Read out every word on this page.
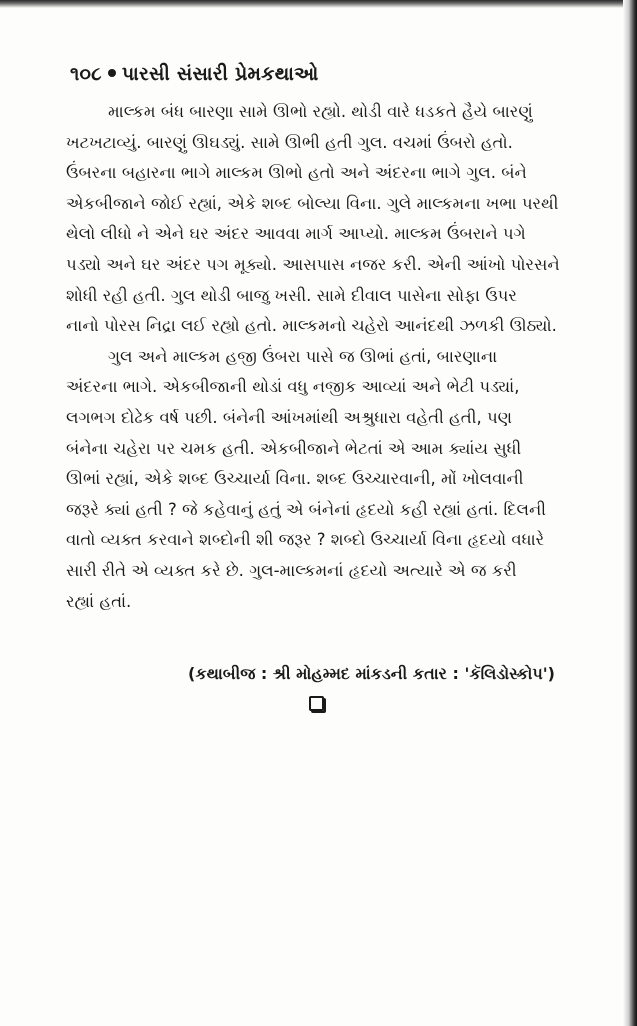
૧૦૮ પારસી સંસારી પ્રેમકથાઓ
માલ્કમ બંધ બારણા સામે ઊભો રહ્યો. થોડી વારે ધડકતે હૈયે બારણું
ખટખટાવ્યું. બારણું ઊઘડ્યું. સામે ઊભી હતી ગુલ. વચમાં ઉંબરો હતો.
ઉંબરના બહારના ભાગે માલ્કમ ઊભો હતો અને અંદરના ભાગે ગુલ. બંને
એકબીજાને જોઈ રહ્યાં, એકે શબ્દ બોલ્યા વિના. ગુલે માલ્કમના ખભા પરથી
થેલો લીધો ને એને ઘર અંદર આવવા માર્ગ આપ્યો. માલ્કમ ઉંબરાને પગે
પડ્યો અને ઘર અંદર પગ મૂક્યો. આસપાસ નજર કરી. એની આંખો પોરસને
શોધી રહી હતી. ગુલ થોડી બાજુ ખસી. સામે દીવાલ પાસેના સોફા ઉપર
નાનો પોરસ નિદ્રા લઈ રહ્યો હતો. માલ્કમનો ચહેરો આનંદથી ઝળકી ઊઠ્યો.
ગુલ અને માલ્કમ હજી ઉંબરા પાસે જ ઊભાં હતાં, બારણાના
અંદરના ભાગે. એકબીજાની થોડાં વધુ નજીક આવ્યાં અને ભેટી પડ્યાં,
લગભગ દોઢેક વર્ષ પછી. બંનેની આંખમાંથી અશ્રુધારા વહેતી હતી, પણ
બંનેના ચહેરા પર ચમક હતી. એકબીજાને ભેટતાં એ આમ ક્યાંય સુધી
ઊભાં રહ્યાં, એકે શબ્દ ઉચ્ચાર્યા વિના. શબ્દ ઉચ્ચારવાની, મોં ખોલવાની
જરૂરે ક્યાં હતી ? જે કહેવાનું હતું એ બંનેનાં હૃદયો કહી રહ્યાં હતાં. દિલની
વાતો વ્યક્ત કરવાને શબ્દોની શી જરૂર ? શબ્દો ઉચ્ચાર્યા વિના હૃદયો વધારે
સારી રીતે એ વ્યક્ત કરે છે. ગુલ-માલ્કમનાં હૃદયો અત્યારે એ જ કરી
રહ્યાં હતાં.
(કથાબીજ : શ્રી મોહમ્મદ માંકડની કતાર : 'કૅલિડોસ્કોપ')
